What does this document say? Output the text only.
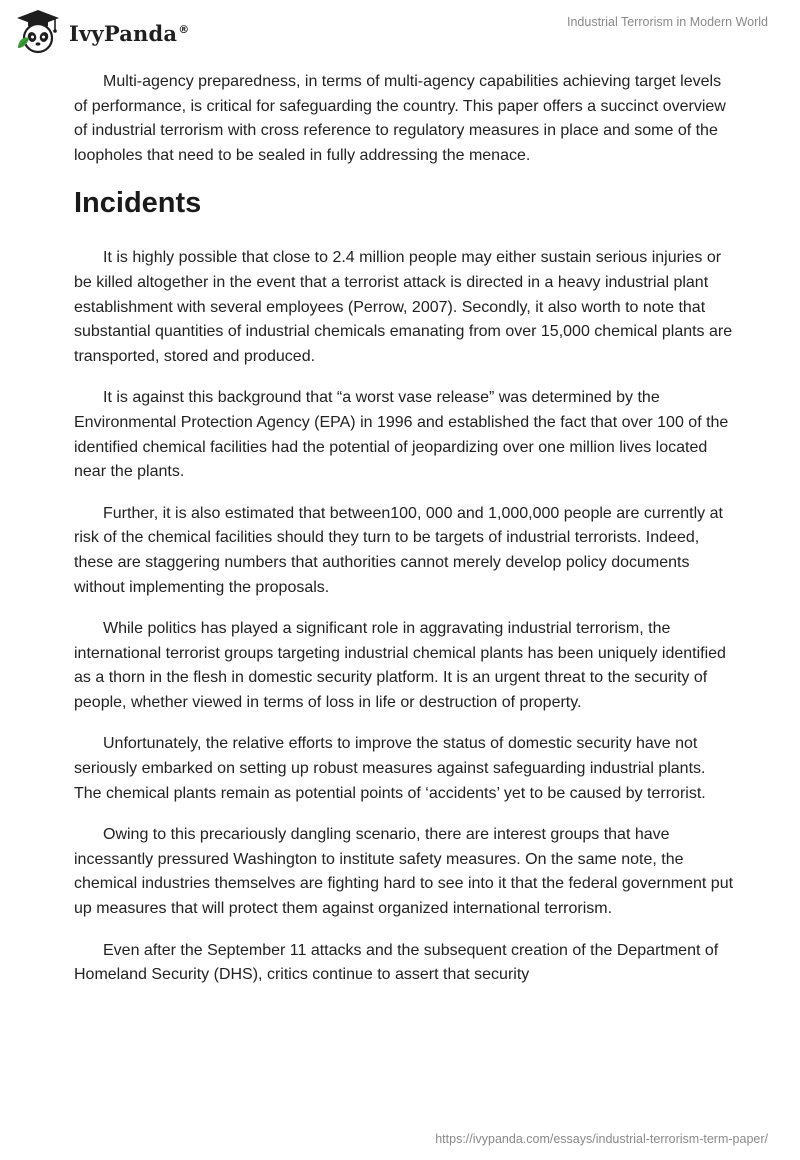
IvyPanda®	Industrial Terrorism in Modern World

Multi-agency preparedness, in terms of multi-agency capabilities achieving target levels of performance, is critical for safeguarding the country. This paper offers a succinct overview of industrial terrorism with cross reference to regulatory measures in place and some of the loopholes that need to be sealed in fully addressing the menace.

Incidents

It is highly possible that close to 2.4 million people may either sustain serious injuries or be killed altogether in the event that a terrorist attack is directed in a heavy industrial plant establishment with several employees (Perrow, 2007). Secondly, it also worth to note that substantial quantities of industrial chemicals emanating from over 15,000 chemical plants are transported, stored and produced.

It is against this background that “a worst vase release” was determined by the Environmental Protection Agency (EPA) in 1996 and established the fact that over 100 of the identified chemical facilities had the potential of jeopardizing over one million lives located near the plants.

Further, it is also estimated that between100, 000 and 1,000,000 people are currently at risk of the chemical facilities should they turn to be targets of industrial terrorists. Indeed, these are staggering numbers that authorities cannot merely develop policy documents without implementing the proposals.

While politics has played a significant role in aggravating industrial terrorism, the international terrorist groups targeting industrial chemical plants has been uniquely identified as a thorn in the flesh in domestic security platform. It is an urgent threat to the security of people, whether viewed in terms of loss in life or destruction of property.

Unfortunately, the relative efforts to improve the status of domestic security have not seriously embarked on setting up robust measures against safeguarding industrial plants. The chemical plants remain as potential points of ‘accidents’ yet to be caused by terrorist.

Owing to this precariously dangling scenario, there are interest groups that have incessantly pressured Washington to institute safety measures. On the same note, the chemical industries themselves are fighting hard to see into it that the federal government put up measures that will protect them against organized international terrorism.

Even after the September 11 attacks and the subsequent creation of the Department of Homeland Security (DHS), critics continue to assert that security

https://ivypanda.com/essays/industrial-terrorism-term-paper/
